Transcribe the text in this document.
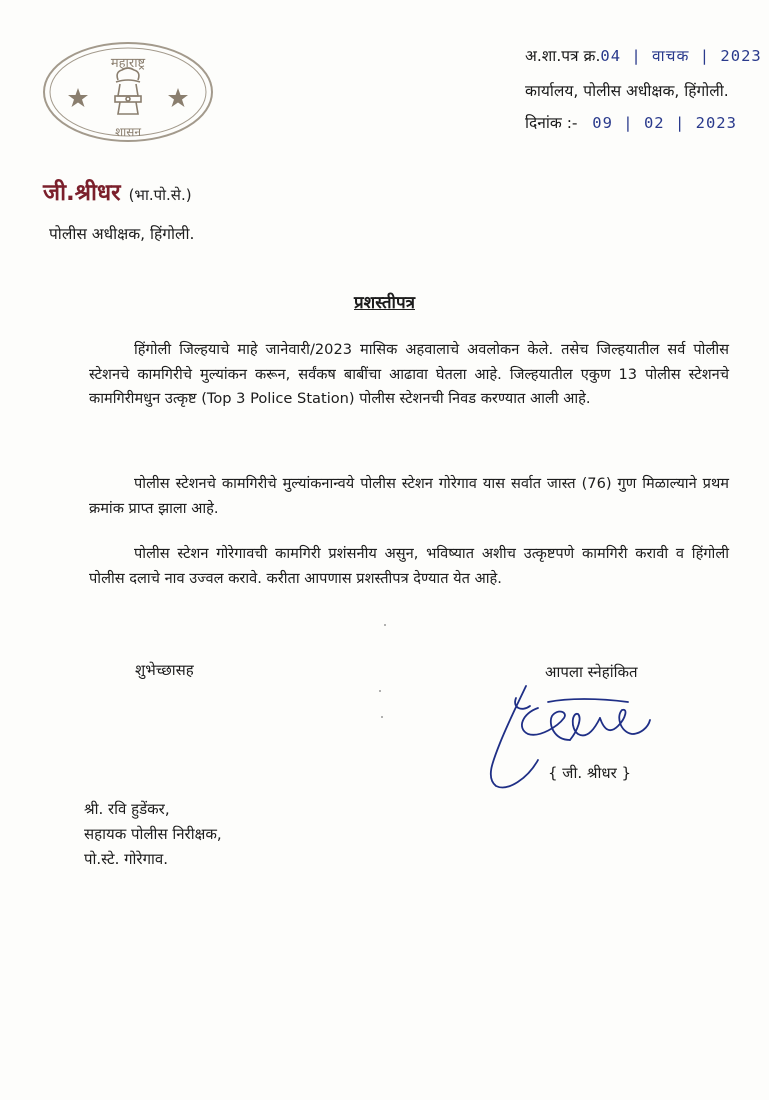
महाराष्ट्र
शासन
अ.शा.पत्र क्र.04 | वाचक | 2023
कार्यालय, पोलीस अधीक्षक, हिंगोली.
दिनांक :- 09 | 02 | 2023
जी.श्रीधर (भा.पो.से.)
पोलीस अधीक्षक, हिंगोली.
प्रशस्तीपत्र
हिंगोली जिल्हयाचे माहे जानेवारी/2023 मासिक अहवालाचे अवलोकन केले. तसेच जिल्हयातील सर्व पोलीस स्टेशनचे कामगिरीचे मुल्यांकन करून, सर्वंकष बाबींचा आढावा घेतला आहे. जिल्हयातील एकुण 13 पोलीस स्टेशनचे कामगिरीमधुन उत्कृष्ट (Top 3 Police Station) पोलीस स्टेशनची निवड करण्यात आली आहे.
पोलीस स्टेशनचे कामगिरीचे मुल्यांकनान्वये पोलीस स्टेशन गोरेगाव यास सर्वात जास्त (76) गुण मिळाल्याने प्रथम क्रमांक प्राप्त झाला आहे.
पोलीस स्टेशन गोरेगावची कामगिरी प्रशंसनीय असुन, भविष्यात अशीच उत्कृष्टपणे कामगिरी करावी व हिंगोली पोलीस दलाचे नाव उज्वल करावे. करीता आपणास प्रशस्तीपत्र देण्यात येत आहे.
शुभेच्छासह	आपला स्नेहांकित
{ जी. श्रीधर }
श्री. रवि हुडेंकर,
सहायक पोलीस निरीक्षक,
पो.स्टे. गोरेगाव.
